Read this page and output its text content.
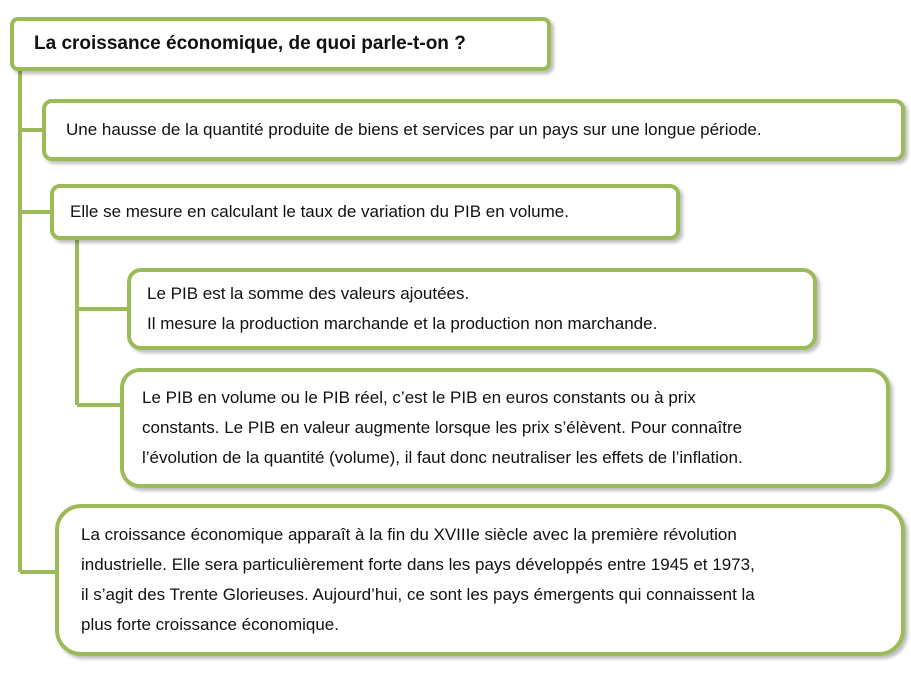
La croissance économique, de quoi parle-t-on ?
Une hausse de la quantité produite de biens et services par un pays sur une longue période.
Elle se mesure en calculant le taux de variation du PIB en volume.
Le PIB est la somme des valeurs ajoutées.
Il mesure la production marchande et la production non marchande.
Le PIB en volume ou le PIB réel, c’est le PIB en euros constants ou à prix
constants. Le PIB en valeur augmente lorsque les prix s’élèvent. Pour connaître
l’évolution de la quantité (volume), il faut donc neutraliser les effets de l’inflation.
La croissance économique apparaît à la fin du XVIIIe siècle avec la première révolution
industrielle. Elle sera particulièrement forte dans les pays développés entre 1945 et 1973,
il s’agit des Trente Glorieuses. Aujourd’hui, ce sont les pays émergents qui connaissent la
plus forte croissance économique.
